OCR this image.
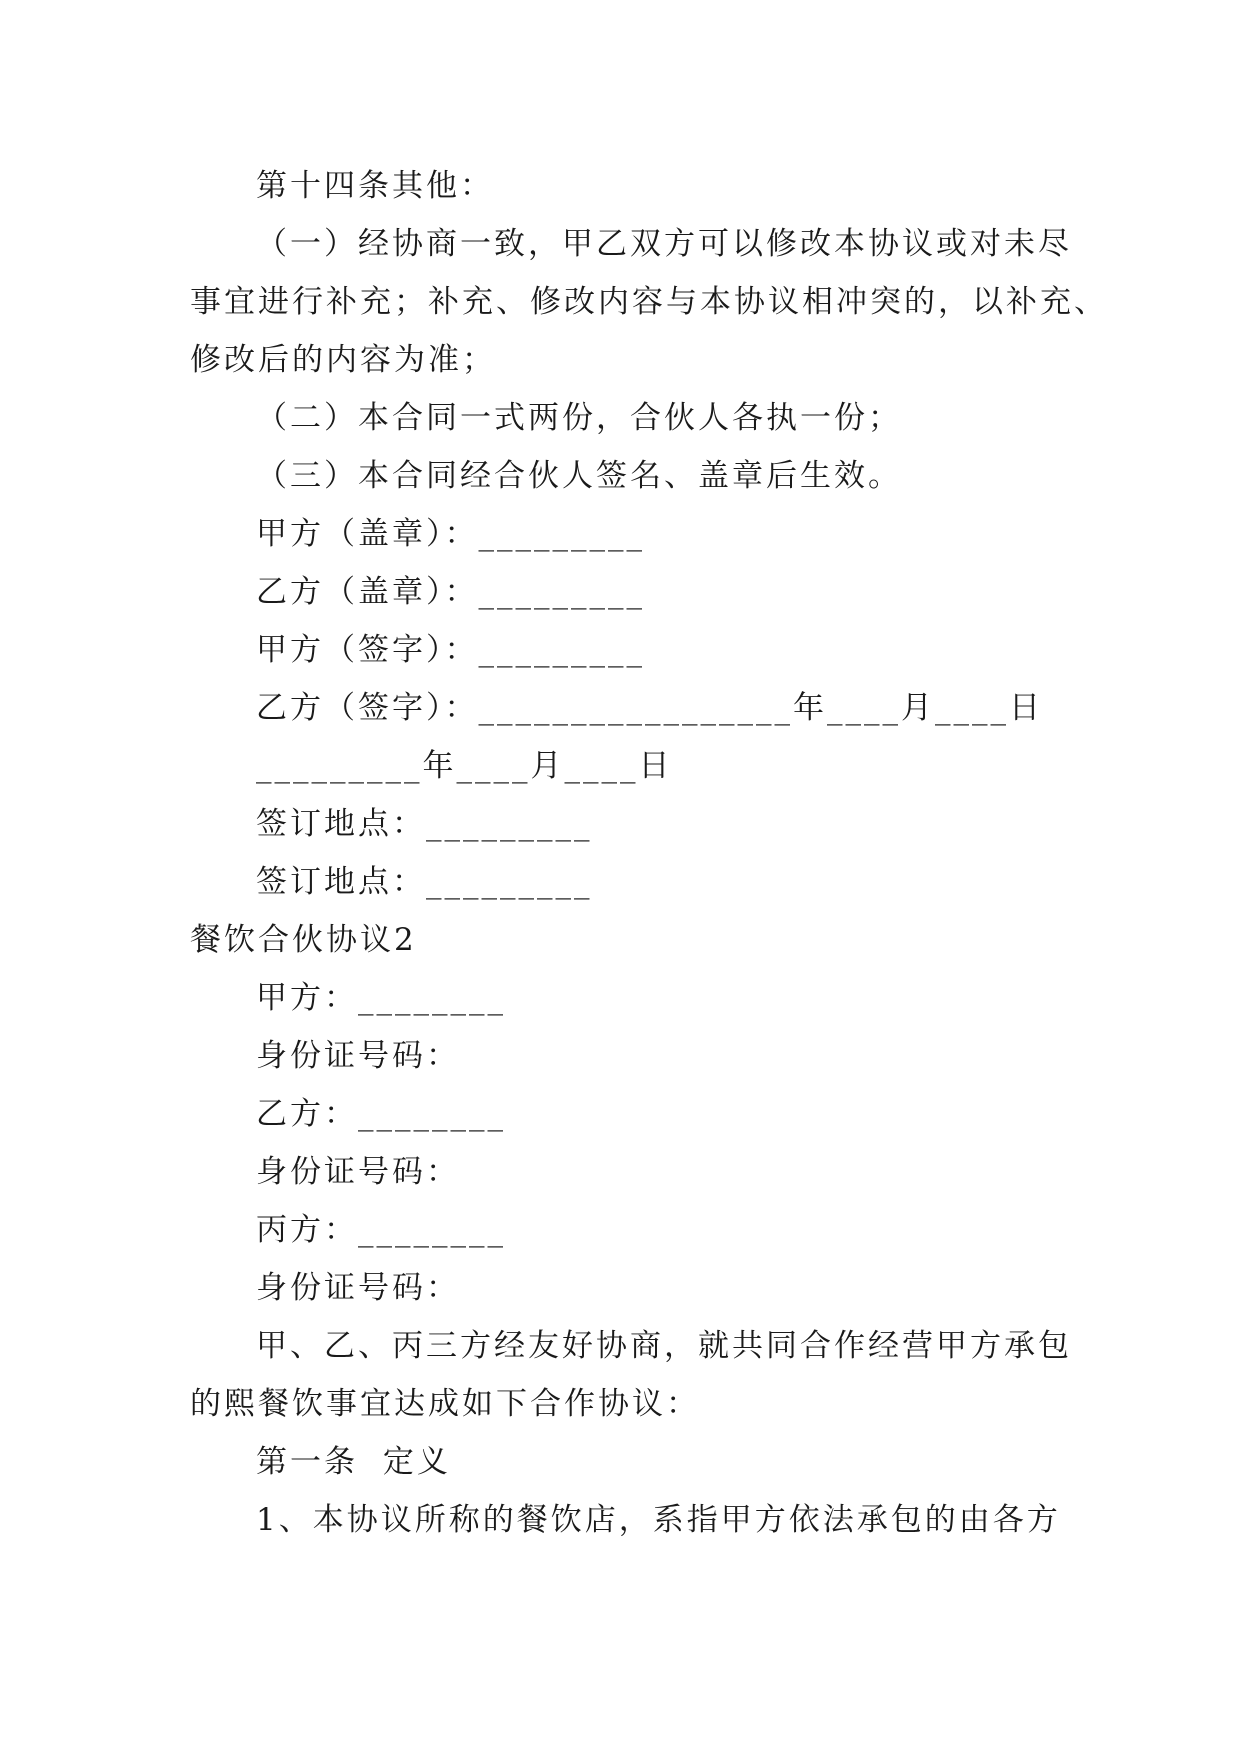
第十四条其他：
（一）经协商一致，甲乙双方可以修改本协议或对未尽
事宜进行补充；补充、修改内容与本协议相冲突的，以补充、
修改后的内容为准；
（二）本合同一式两份，合伙人各执一份；
（三）本合同经合伙人签名、盖章后生效。
甲方（盖章）：_________
乙方（盖章）：_________
甲方（签字）：_________
乙方（签字）：_________________年____月____日
_________年____月____日
签订地点：_________
签订地点：_________
餐饮合伙协议2
甲方：________
身份证号码：
乙方：________
身份证号码：
丙方：________
身份证号码：
甲、乙、丙三方经友好协商，就共同合作经营甲方承包
的熙餐饮事宜达成如下合作协议：
第一条 定义
1、本协议所称的餐饮店，系指甲方依法承包的由各方
